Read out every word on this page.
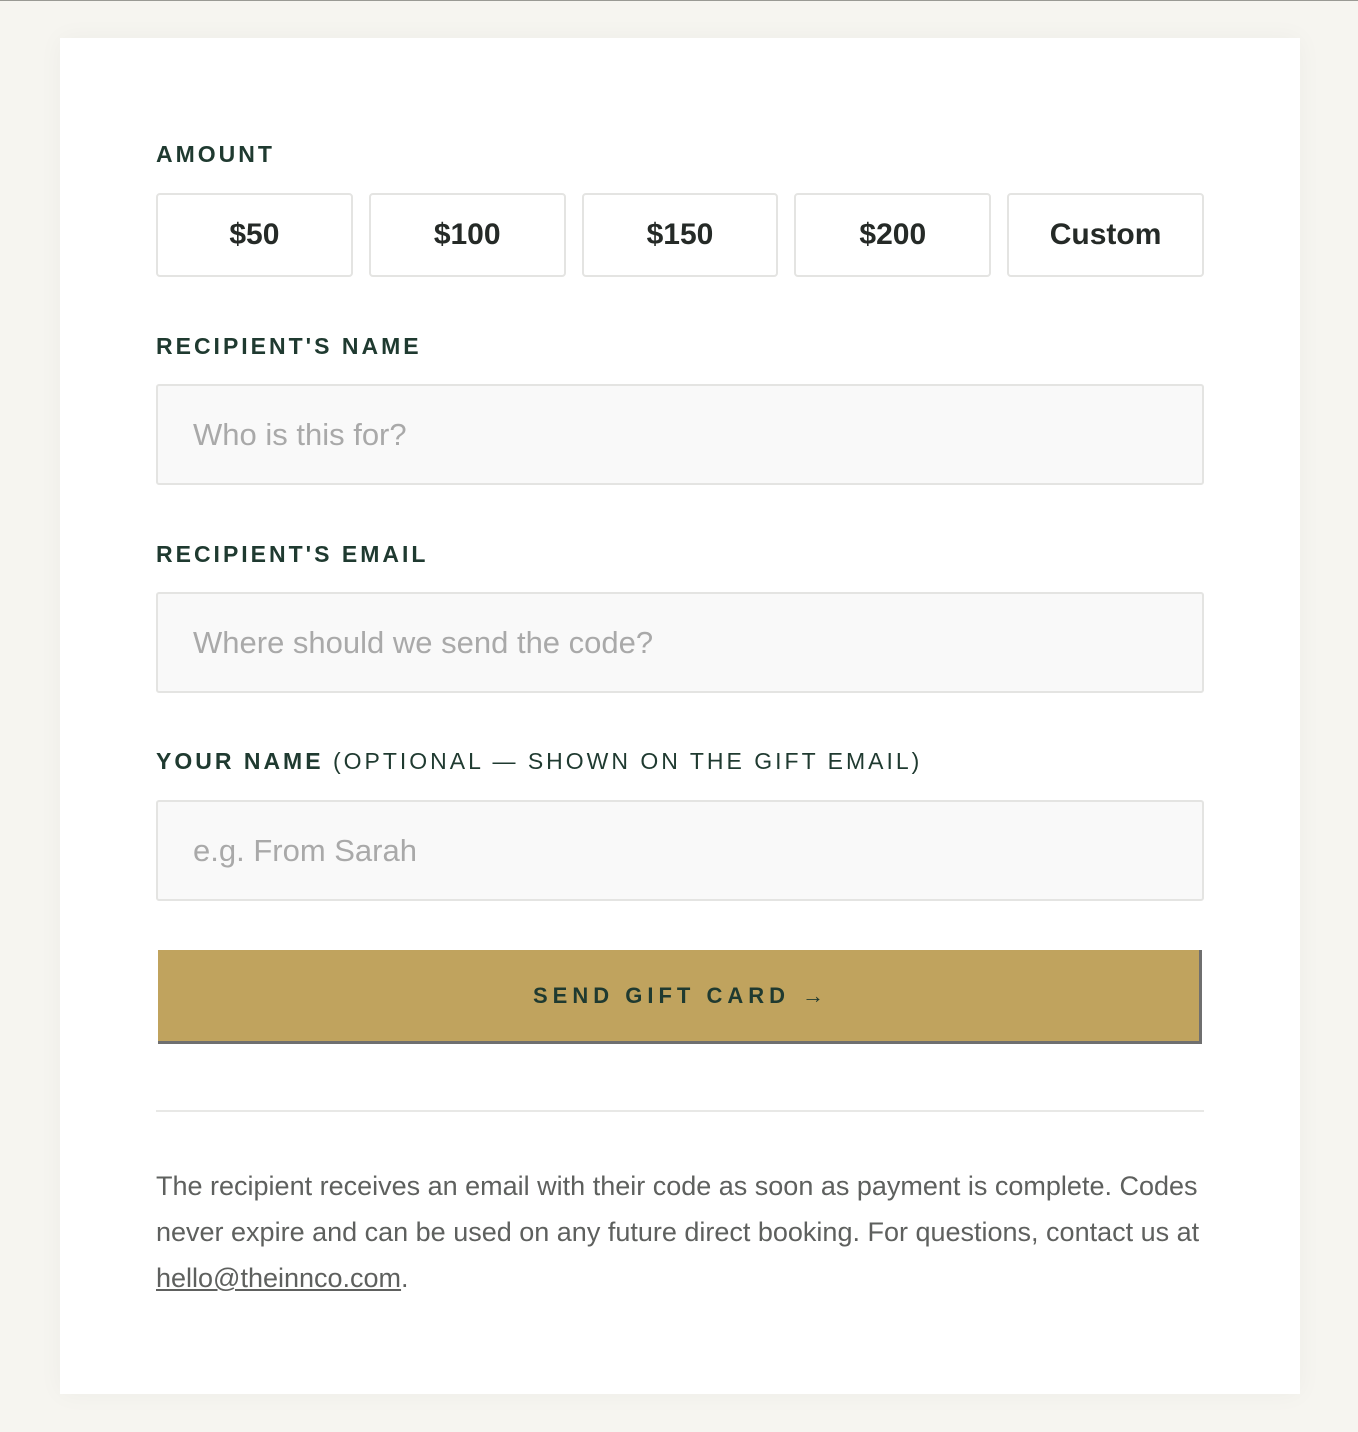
AMOUNT
$50	$100	$150	$200	Custom
RECIPIENT'S NAME
Who is this for?
RECIPIENT'S EMAIL
Where should we send the code?
YOUR NAME (OPTIONAL — SHOWN ON THE GIFT EMAIL)
e.g. From Sarah
SEND GIFT CARD →
The recipient receives an email with their code as soon as payment is complete. Codes never expire and can be used on any future direct booking. For questions, contact us at hello@theinnco.com.
